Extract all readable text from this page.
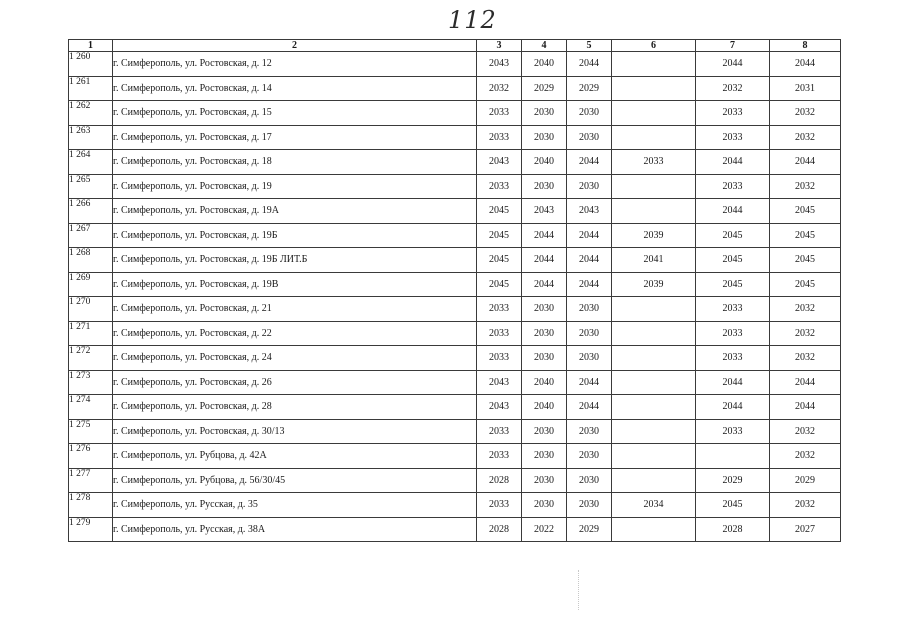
112
1	2	3	4	5	6	7	8
1 260	г. Симферополь, ул. Ростовская, д. 12	2043	2040	2044		2044	2044
1 261	г. Симферополь, ул. Ростовская, д. 14	2032	2029	2029		2032	2031
1 262	г. Симферополь, ул. Ростовская, д. 15	2033	2030	2030		2033	2032
1 263	г. Симферополь, ул. Ростовская, д. 17	2033	2030	2030		2033	2032
1 264	г. Симферополь, ул. Ростовская, д. 18	2043	2040	2044	2033	2044	2044
1 265	г. Симферополь, ул. Ростовская, д. 19	2033	2030	2030		2033	2032
1 266	г. Симферополь, ул. Ростовская, д. 19А	2045	2043	2043		2044	2045
1 267	г. Симферополь, ул. Ростовская, д. 19Б	2045	2044	2044	2039	2045	2045
1 268	г. Симферополь, ул. Ростовская, д. 19Б ЛИТ.Б	2045	2044	2044	2041	2045	2045
1 269	г. Симферополь, ул. Ростовская, д. 19В	2045	2044	2044	2039	2045	2045
1 270	г. Симферополь, ул. Ростовская, д. 21	2033	2030	2030		2033	2032
1 271	г. Симферополь, ул. Ростовская, д. 22	2033	2030	2030		2033	2032
1 272	г. Симферополь, ул. Ростовская, д. 24	2033	2030	2030		2033	2032
1 273	г. Симферополь, ул. Ростовская, д. 26	2043	2040	2044		2044	2044
1 274	г. Симферополь, ул. Ростовская, д. 28	2043	2040	2044		2044	2044
1 275	г. Симферополь, ул. Ростовская, д. 30/13	2033	2030	2030		2033	2032
1 276	г. Симферополь, ул. Рубцова, д. 42А	2033	2030	2030			2032
1 277	г. Симферополь, ул. Рубцова, д. 56/30/45	2028	2030	2030		2029	2029
1 278	г. Симферополь, ул. Русская, д. 35	2033	2030	2030	2034	2045	2032
1 279	г. Симферополь, ул. Русская, д. 38А	2028	2022	2029		2028	2027
